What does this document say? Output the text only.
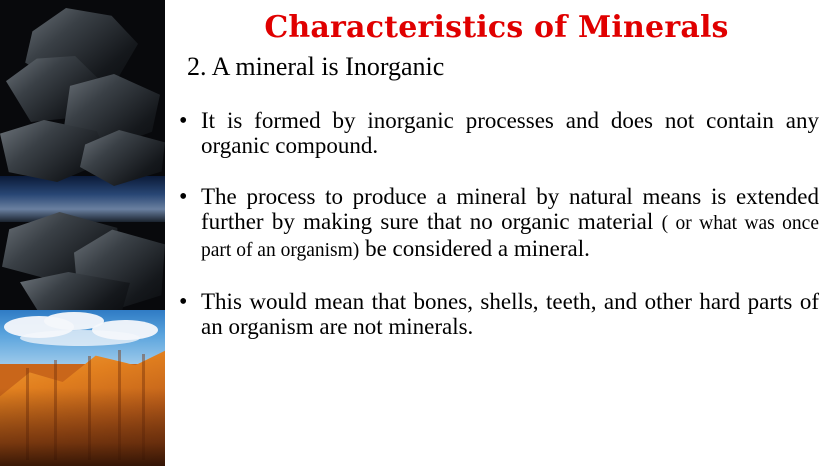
Characteristics of Minerals
2. A mineral is Inorganic
• It is formed by inorganic processes and does not contain any organic compound.
• The process to produce a mineral by natural means is extended further by making sure that no organic material ( or what was once part of an organism) be considered a mineral.
• This would mean that bones, shells, teeth, and other hard parts of an organism are not minerals.
